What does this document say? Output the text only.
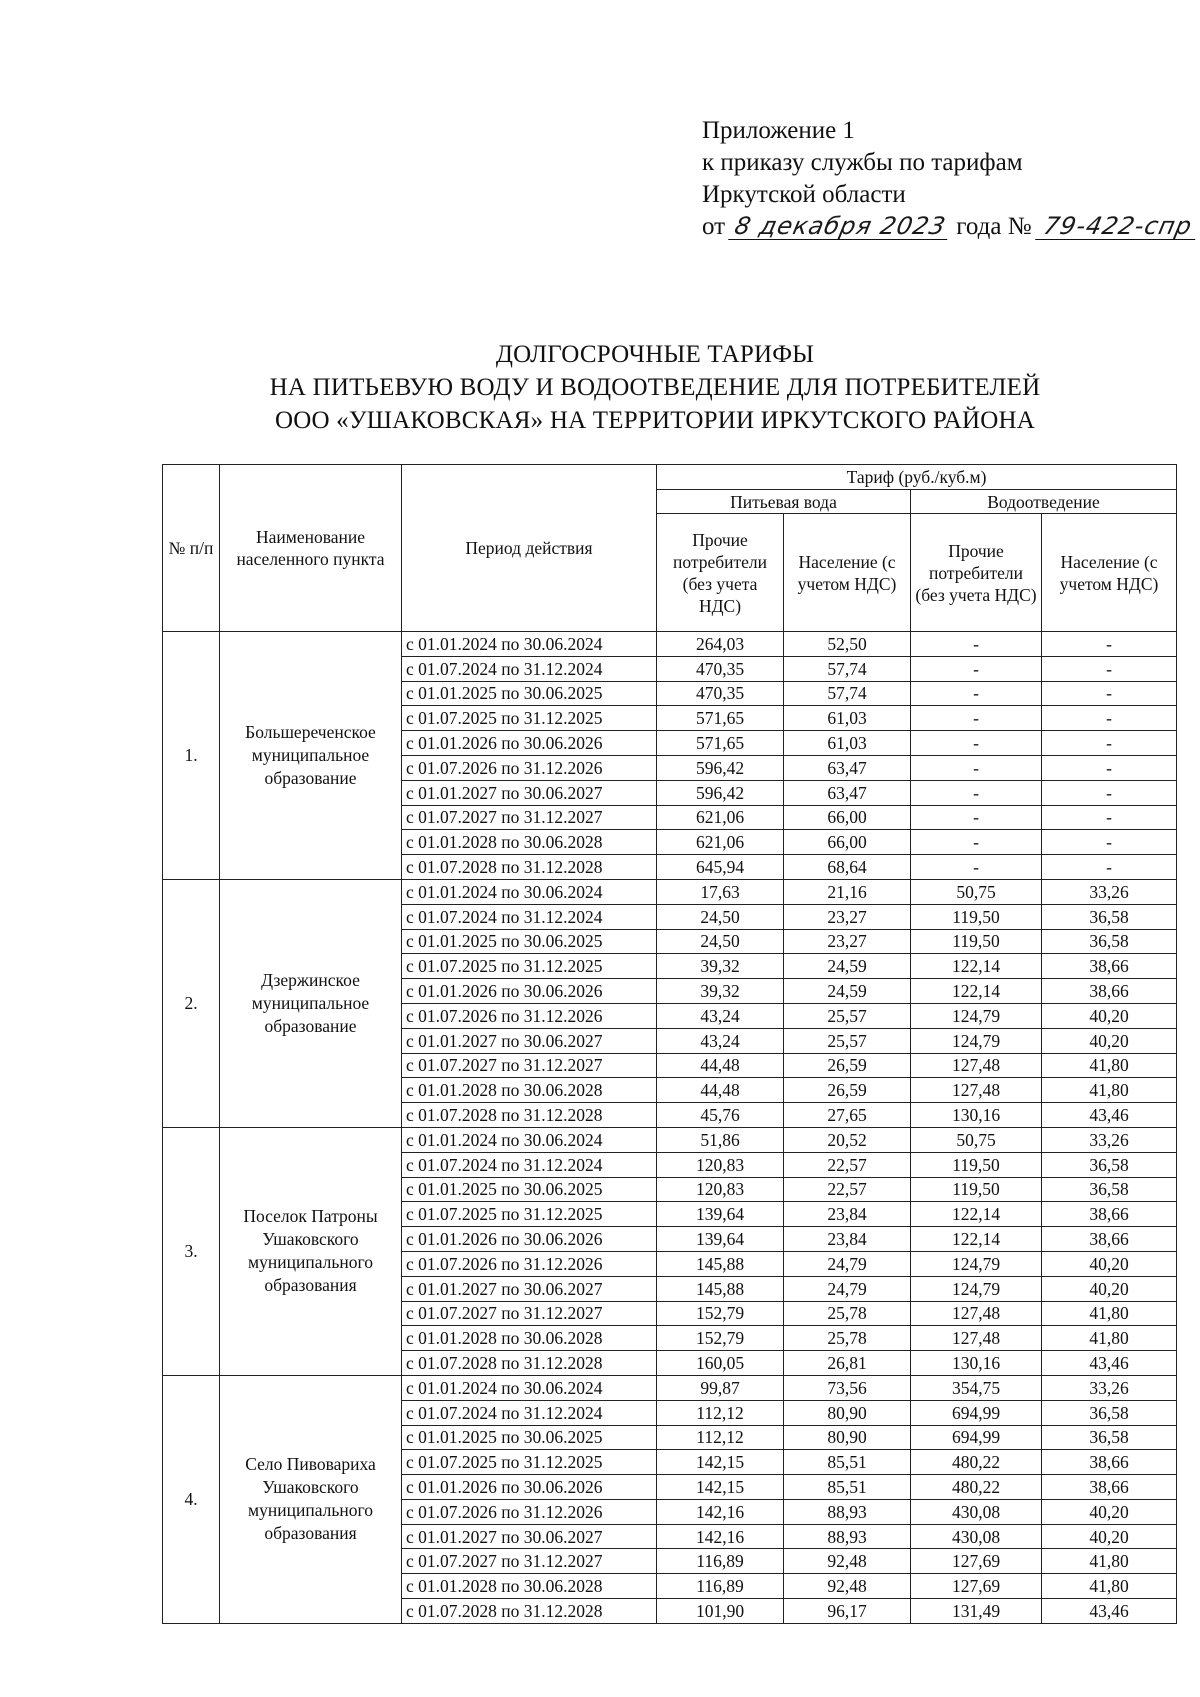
Приложение 1
к приказу службы по тарифам
Иркутской области
от 8 декабря 2023 года № 79-422-спр
ДОЛГОСРОЧНЫЕ ТАРИФЫ
НА ПИТЬЕВУЮ ВОДУ И ВОДООТВЕДЕНИЕ ДЛЯ ПОТРЕБИТЕЛЕЙ
ООО «УШАКОВСКАЯ» НА ТЕРРИТОРИИ ИРКУТСКОГО РАЙОНА
№ п/п	Наименование населенного пункта	Период действия	Тариф (руб./куб.м)			
			Питьевая вода		Водоотведение	
			Прочие потребители (без учета НДС)	Население (с учетом НДС)	Прочие потребители (без учета НДС)	Население (с учетом НДС)
1.	Большереченское муниципальное образование	с 01.01.2024 по 30.06.2024	264,03	52,50	-	-
		с 01.07.2024 по 31.12.2024	470,35	57,74	-	-
		с 01.01.2025 по 30.06.2025	470,35	57,74	-	-
		с 01.07.2025 по 31.12.2025	571,65	61,03	-	-
		с 01.01.2026 по 30.06.2026	571,65	61,03	-	-
		с 01.07.2026 по 31.12.2026	596,42	63,47	-	-
		с 01.01.2027 по 30.06.2027	596,42	63,47	-	-
		с 01.07.2027 по 31.12.2027	621,06	66,00	-	-
		с 01.01.2028 по 30.06.2028	621,06	66,00	-	-
		с 01.07.2028 по 31.12.2028	645,94	68,64	-	-
2.	Дзержинское муниципальное образование	с 01.01.2024 по 30.06.2024	17,63	21,16	50,75	33,26
		с 01.07.2024 по 31.12.2024	24,50	23,27	119,50	36,58
		с 01.01.2025 по 30.06.2025	24,50	23,27	119,50	36,58
		с 01.07.2025 по 31.12.2025	39,32	24,59	122,14	38,66
		с 01.01.2026 по 30.06.2026	39,32	24,59	122,14	38,66
		с 01.07.2026 по 31.12.2026	43,24	25,57	124,79	40,20
		с 01.01.2027 по 30.06.2027	43,24	25,57	124,79	40,20
		с 01.07.2027 по 31.12.2027	44,48	26,59	127,48	41,80
		с 01.01.2028 по 30.06.2028	44,48	26,59	127,48	41,80
		с 01.07.2028 по 31.12.2028	45,76	27,65	130,16	43,46
3.	Поселок Патроны Ушаковского муниципального образования	с 01.01.2024 по 30.06.2024	51,86	20,52	50,75	33,26
		с 01.07.2024 по 31.12.2024	120,83	22,57	119,50	36,58
		с 01.01.2025 по 30.06.2025	120,83	22,57	119,50	36,58
		с 01.07.2025 по 31.12.2025	139,64	23,84	122,14	38,66
		с 01.01.2026 по 30.06.2026	139,64	23,84	122,14	38,66
		с 01.07.2026 по 31.12.2026	145,88	24,79	124,79	40,20
		с 01.01.2027 по 30.06.2027	145,88	24,79	124,79	40,20
		с 01.07.2027 по 31.12.2027	152,79	25,78	127,48	41,80
		с 01.01.2028 по 30.06.2028	152,79	25,78	127,48	41,80
		с 01.07.2028 по 31.12.2028	160,05	26,81	130,16	43,46
4.	Село Пивовариха Ушаковского муниципального образования	с 01.01.2024 по 30.06.2024	99,87	73,56	354,75	33,26
		с 01.07.2024 по 31.12.2024	112,12	80,90	694,99	36,58
		с 01.01.2025 по 30.06.2025	112,12	80,90	694,99	36,58
		с 01.07.2025 по 31.12.2025	142,15	85,51	480,22	38,66
		с 01.01.2026 по 30.06.2026	142,15	85,51	480,22	38,66
		с 01.07.2026 по 31.12.2026	142,16	88,93	430,08	40,20
		с 01.01.2027 по 30.06.2027	142,16	88,93	430,08	40,20
		с 01.07.2027 по 31.12.2027	116,89	92,48	127,69	41,80
		с 01.01.2028 по 30.06.2028	116,89	92,48	127,69	41,80
		с 01.07.2028 по 31.12.2028	101,90	96,17	131,49	43,46
